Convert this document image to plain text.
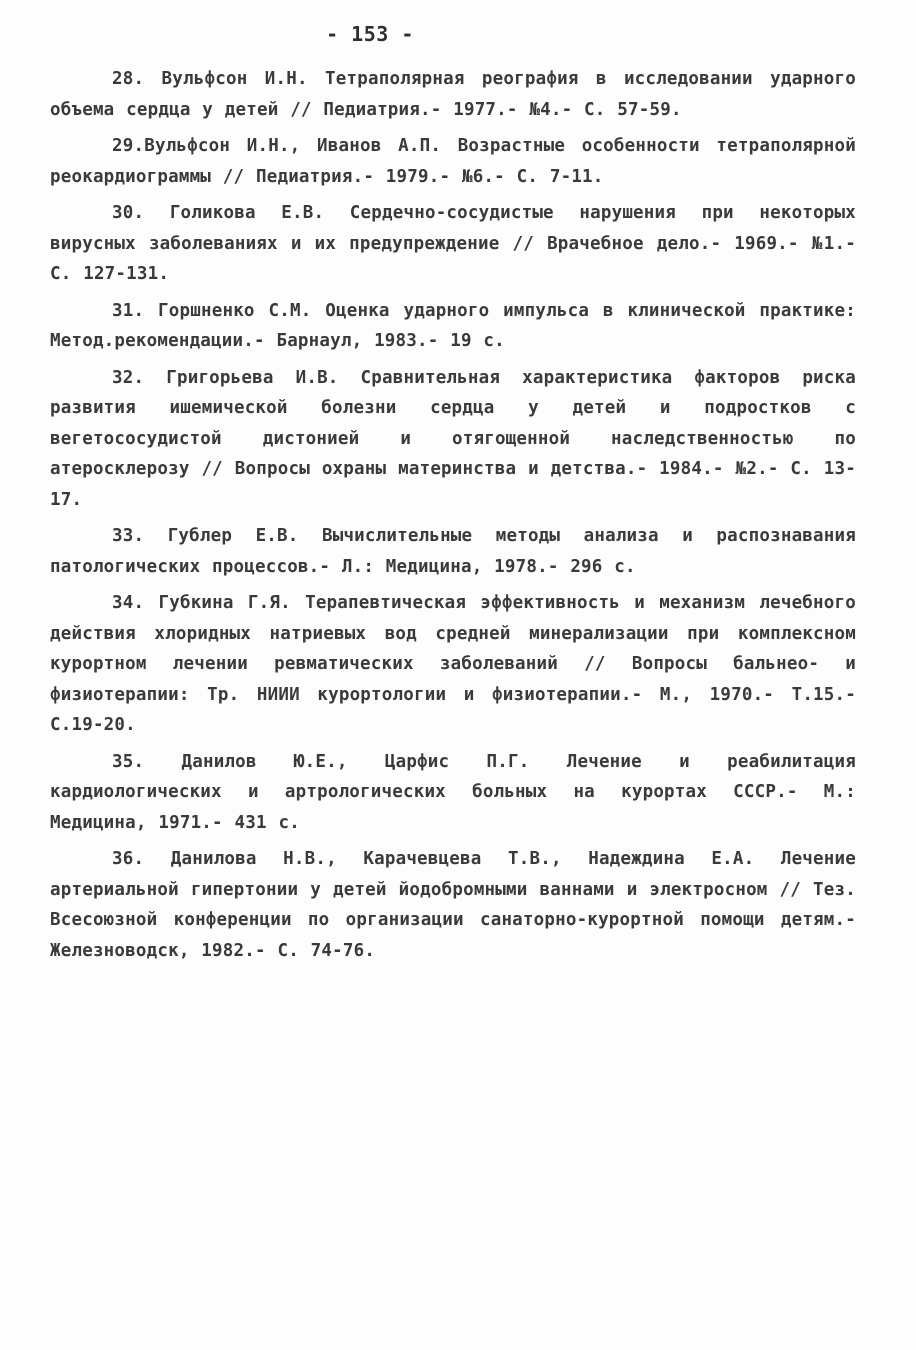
- 153 -

28. Вульфсон И.Н. Тетраполярная реография в исследовании ударного объема сердца у детей // Педиатрия.- 1977.- №4.- С. 57-59.

29.Вульфсон И.Н., Иванов А.П. Возрастные особенности тетраполярной реокардиограммы // Педиатрия.- 1979.- №6.- С. 7-11.

30. Голикова Е.В. Сердечно-сосудистые нарушения при некоторых вирусных заболеваниях и их предупреждение // Врачебное дело.- 1969.- №1.- С. 127-131.

31. Горшненко С.М. Оценка ударного импульса в клинической практике: Метод.рекомендации.- Барнаул, 1983.- 19 с.

32. Григорьева И.В. Сравнительная характеристика факторов риска развития ишемической болезни сердца у детей и подростков с вегетососудистой дистонией и отягощенной наследственностью по атеросклерозу // Вопросы охраны материнства и детства.- 1984.- №2.- С. 13-17.

33. Гублер Е.В. Вычислительные методы анализа и распознавания патологических процессов.- Л.: Медицина, 1978.- 296 с.

34. Губкина Г.Я. Терапевтическая эффективность и механизм лечебного действия хлоридных натриевых вод средней минерализации при комплексном курортном лечении ревматических заболеваний // Вопросы бальнео- и физиотерапии: Тр. НИИИ курортологии и физиотерапии.- М., 1970.- Т.15.- С.19-20.

35. Данилов Ю.Е., Царфис П.Г. Лечение и реабилитация кардиологических и артрологических больных на курортах СССР.- М.: Медицина, 1971.- 431 с.

36. Данилова Н.В., Карачевцева Т.В., Надеждина Е.А. Лечение артериальной гипертонии у детей йодобромными ваннами и электросном // Тез. Всесоюзной конференции по организации санаторно-курортной помощи детям.- Железноводск, 1982.- С. 74-76.
